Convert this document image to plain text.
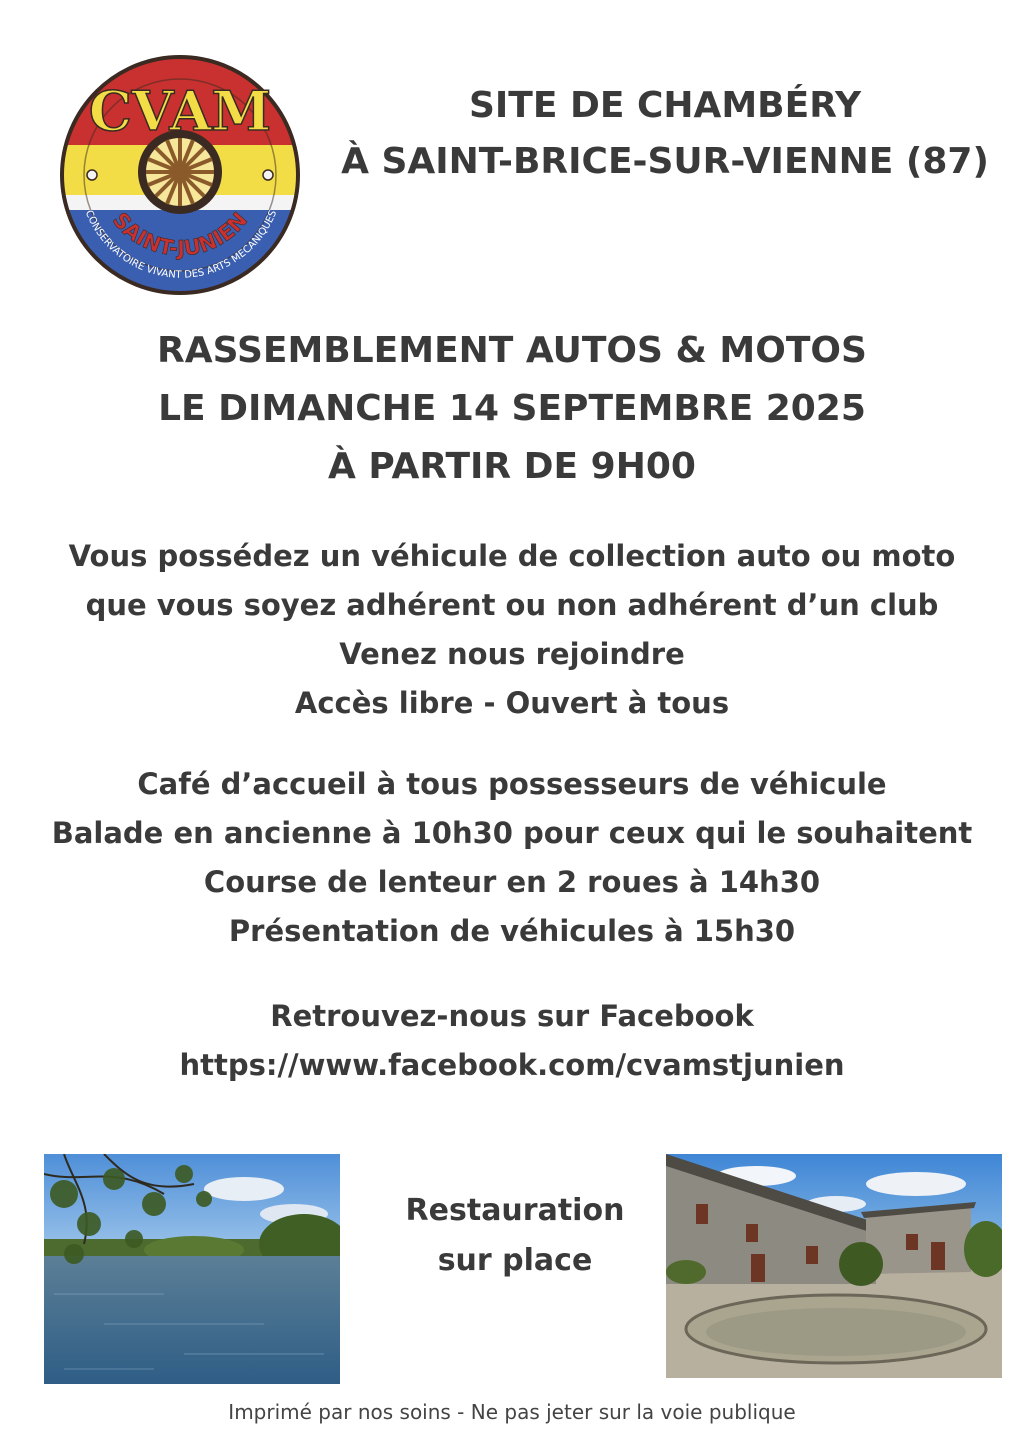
CVAM
SAINT-JUNIEN
CONSERVATOIRE VIVANT DES ARTS MECANIQUES
SITE DE CHAMBÉRY
À SAINT-BRICE-SUR-VIENNE (87)
RASSEMBLEMENT AUTOS & MOTOS
LE DIMANCHE 14 SEPTEMBRE 2025
À PARTIR DE 9H00
Vous possédez un véhicule de collection auto ou moto
que vous soyez adhérent ou non adhérent d’un club
Venez nous rejoindre
Accès libre - Ouvert à tous
Café d’accueil à tous possesseurs de véhicule
Balade en ancienne à 10h30 pour ceux qui le souhaitent
Course de lenteur en 2 roues à 14h30
Présentation de véhicules à 15h30
Retrouvez-nous sur Facebook
https://www.facebook.com/cvamstjunien
Restauration
sur place
Imprimé par nos soins - Ne pas jeter sur la voie publique
